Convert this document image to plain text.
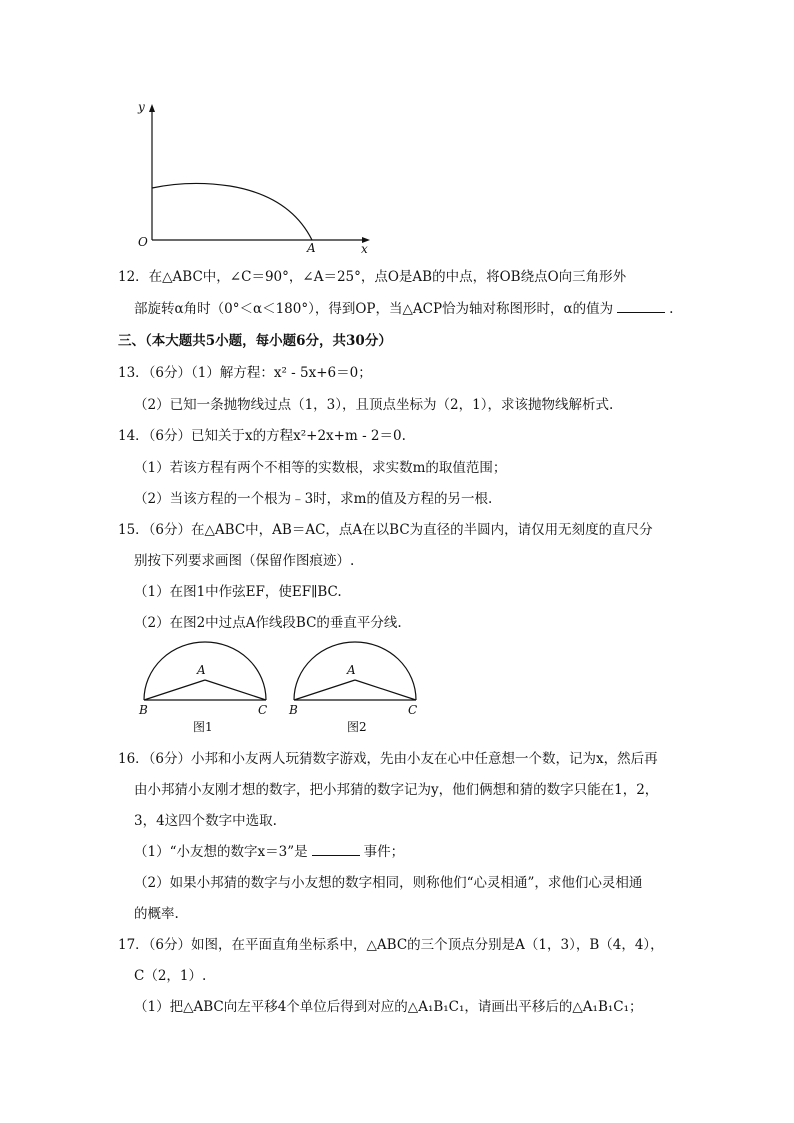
y
x
O	A
12．在△ABC中，∠C＝90°，∠A＝25°，点O是AB的中点，将OB绕点O向三角形外
部旋转α角时（0°＜α＜180°），得到OP，当△ACP恰为轴对称图形时，α的值为	.
三、（本大题共5小题，每小题6分，共30分）
13．（6分）（1）解方程：x² - 5x+6＝0；
（2）已知一条抛物线过点（1，3），且顶点坐标为（2，1），求该抛物线解析式.
14．（6分）已知关于x的方程x²+2x+m - 2＝0.
（1）若该方程有两个不相等的实数根，求实数m的取值范围；
（2）当该方程的一个根为﹣3时，求m的值及方程的另一根.
15．（6分）在△ABC中，AB＝AC，点A在以BC为直径的半圆内，请仅用无刻度的直尺分
别按下列要求画图（保留作图痕迹）.
（1）在图1中作弦EF，使EF∥BC.
（2）在图2中过点A作线段BC的垂直平分线.
A
B	C
图1
A
B	C
图2
16．（6分）小邦和小友两人玩猜数字游戏，先由小友在心中任意想一个数，记为x，然后再
由小邦猜小友刚才想的数字，把小邦猜的数字记为y，他们俩想和猜的数字只能在1，2，
3，4这四个数字中选取.
（1）“小友想的数字x＝3”是	事件；
（2）如果小邦猜的数字与小友想的数字相同，则称他们“心灵相通”，求他们心灵相通
的概率.
17．（6分）如图，在平面直角坐标系中，△ABC的三个顶点分别是A（1，3），B（4，4），
C（2，1）.
（1）把△ABC向左平移4个单位后得到对应的△A₁B₁C₁，请画出平移后的△A₁B₁C₁；
